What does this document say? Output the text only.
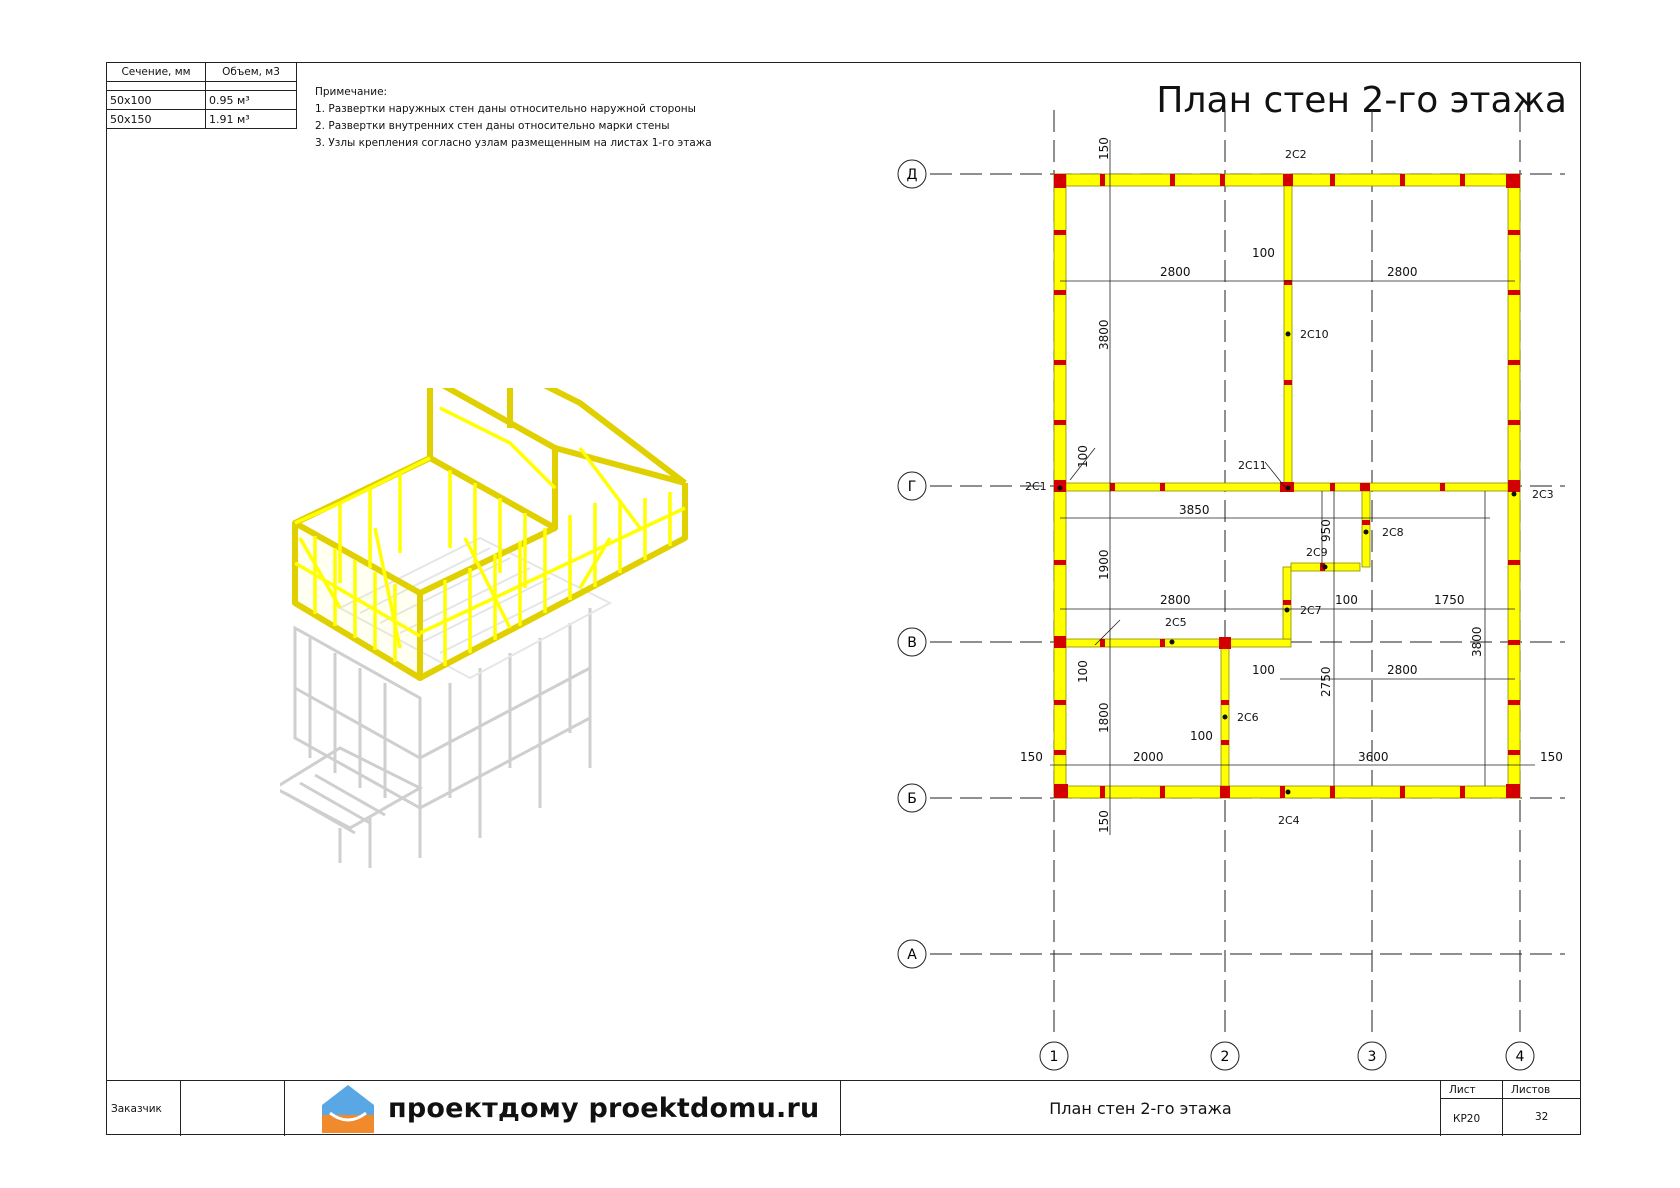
Сечение, мм	Объем, м3

50x100	0.95 м³
50x150	1.91 м³
Примечание:
1. Развертки наружных стен даны относительно наружной стороны
2. Развертки внутренних стен даны относительно марки стены
3. Узлы крепления согласно узлам размещенным на листах 1-го этажа
План стен 2-го этажа
Д
Г
В
Б
А
1	2	3	4
2800	2800
100
3850
2800	100	1750
100	2800
100
150	2000	3600	150
150
3800
100
1900
950
100
1800
2750
3800
150
2С1
2С2
2С3
2С4
2С5
2С6
2С7
2С8
2С9
2С10
2С11
Заказчик	проектдому proektdomu.ru	План стен 2-го этажа
Лист	Листов
КР20	32
